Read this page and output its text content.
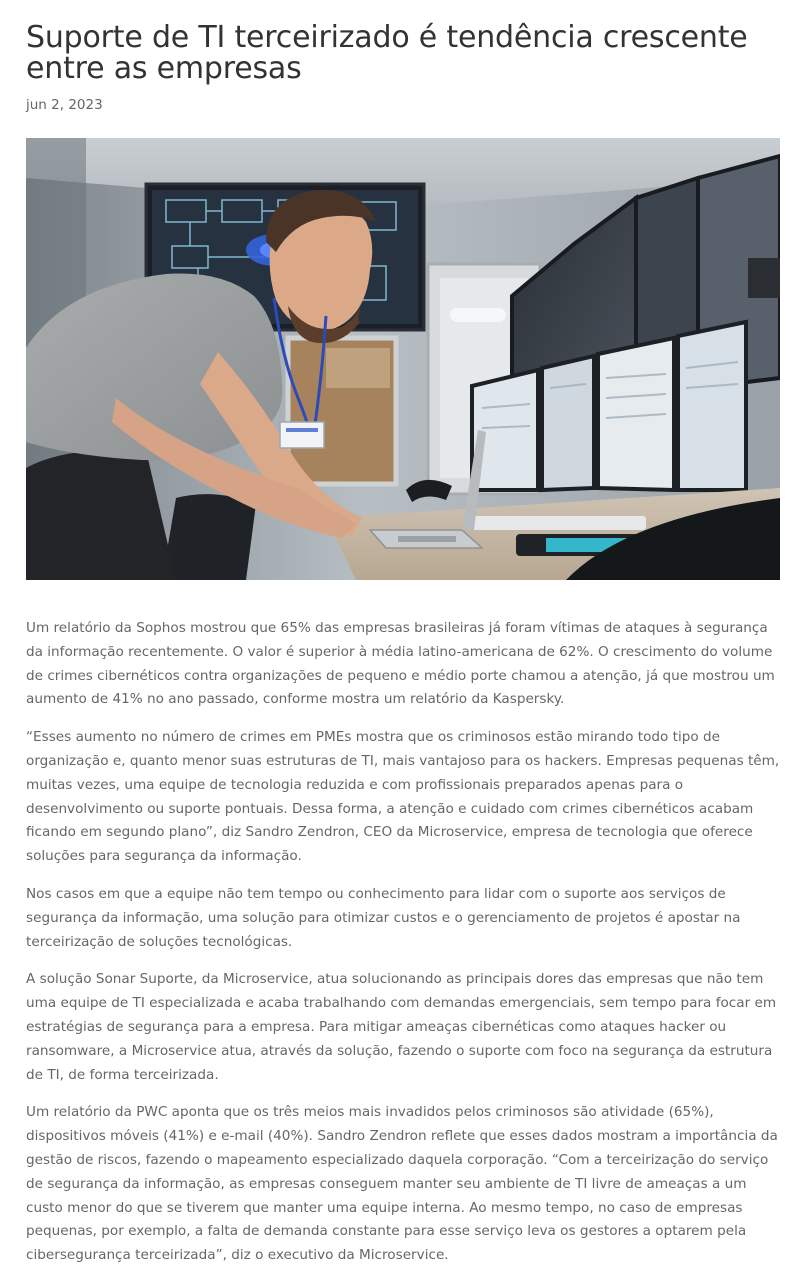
Suporte de TI terceirizado é tendência crescente entre as empresas
jun 2, 2023

Um relatório da Sophos mostrou que 65% das empresas brasileiras já foram vítimas de ataques à segurança da informação recentemente. O valor é superior à média latino-americana de 62%. O crescimento do volume de crimes cibernéticos contra organizações de pequeno e médio porte chamou a atenção, já que mostrou um aumento de 41% no ano passado, conforme mostra um relatório da Kaspersky.

“Esses aumento no número de crimes em PMEs mostra que os criminosos estão mirando todo tipo de organização e, quanto menor suas estruturas de TI, mais vantajoso para os hackers. Empresas pequenas têm, muitas vezes, uma equipe de tecnologia reduzida e com profissionais preparados apenas para o desenvolvimento ou suporte pontuais. Dessa forma, a atenção e cuidado com crimes cibernéticos acabam ficando em segundo plano”, diz Sandro Zendron, CEO da Microservice, empresa de tecnologia que oferece soluções para segurança da informação.

Nos casos em que a equipe não tem tempo ou conhecimento para lidar com o suporte aos serviços de segurança da informação, uma solução para otimizar custos e o gerenciamento de projetos é apostar na terceirização de soluções tecnológicas.

A solução Sonar Suporte, da Microservice, atua solucionando as principais dores das empresas que não tem uma equipe de TI especializada e acaba trabalhando com demandas emergenciais, sem tempo para focar em estratégias de segurança para a empresa. Para mitigar ameaças cibernéticas como ataques hacker ou ransomware, a Microservice atua, através da solução, fazendo o suporte com foco na segurança da estrutura de TI, de forma terceirizada.

Um relatório da PWC aponta que os três meios mais invadidos pelos criminosos são atividade (65%), dispositivos móveis (41%) e e-mail (40%). Sandro Zendron reflete que esses dados mostram a importância da gestão de riscos, fazendo o mapeamento especializado daquela corporação. “Com a terceirização do serviço de segurança da informação, as empresas conseguem manter seu ambiente de TI livre de ameaças a um custo menor do que se tiverem que manter uma equipe interna. Ao mesmo tempo, no caso de empresas pequenas, por exemplo, a falta de demanda constante para esse serviço leva os gestores a optarem pela cibersegurança terceirizada”, diz o executivo da Microservice.
